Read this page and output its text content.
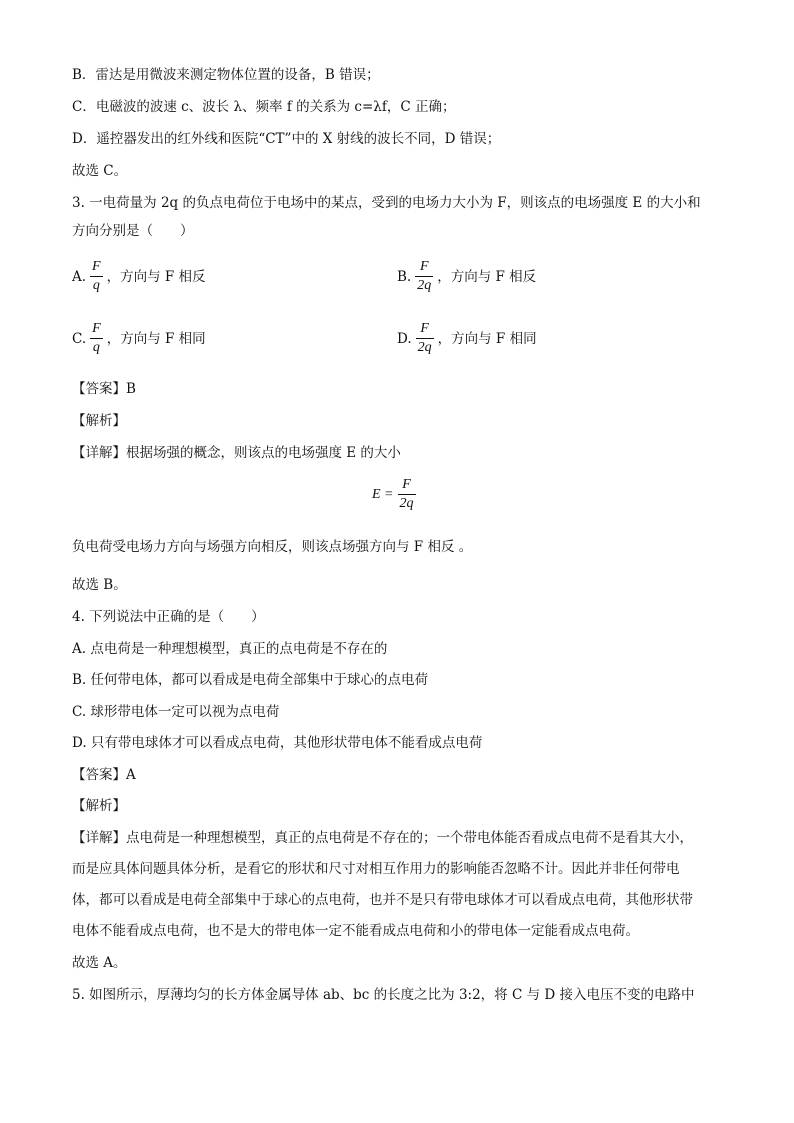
B．雷达是用微波来测定物体位置的设备，B 错误；
C．电磁波的波速 c、波长 λ、频率 f 的关系为 c=λf，C 正确；
D．遥控器发出的红外线和医院“CT”中的 X 射线的波长不同，D 错误；
故选 C。
3. 一电荷量为 2q 的负点电荷位于电场中的某点，受到的电场力大小为 F，则该点的电场强度 E 的大小和
方向分别是（　　）
A. $\frac{F}{q}$ ，方向与 F 相反	B. $\frac{F}{2q}$ ，方向与 F 相反
C. $\frac{F}{q}$ ，方向与 F 相同	D. $\frac{F}{2q}$ ，方向与 F 相同
【答案】B
【解析】
【详解】根据场强的概念，则该点的电场强度 E 的大小
$E = \frac{F}{2q}$
负电荷受电场力方向与场强方向相反，则该点场强方向与 F 相反 。
故选 B。
4. 下列说法中正确的是（　　）
A. 点电荷是一种理想模型，真正的点电荷是不存在的
B. 任何带电体，都可以看成是电荷全部集中于球心的点电荷
C. 球形带电体一定可以视为点电荷
D. 只有带电球体才可以看成点电荷，其他形状带电体不能看成点电荷
【答案】A
【解析】
【详解】点电荷是一种理想模型，真正的点电荷是不存在的；一个带电体能否看成点电荷不是看其大小，
而是应具体问题具体分析，是看它的形状和尺寸对相互作用力的影响能否忽略不计。因此并非任何带电
体，都可以看成是电荷全部集中于球心的点电荷，也并不是只有带电球体才可以看成点电荷，其他形状带
电体不能看成点电荷，也不是大的带电体一定不能看成点电荷和小的带电体一定能看成点电荷。
故选 A。
5. 如图所示，厚薄均匀的长方体金属导体 ab、bc 的长度之比为 3:2，将 C 与 D 接入电压不变的电路中
